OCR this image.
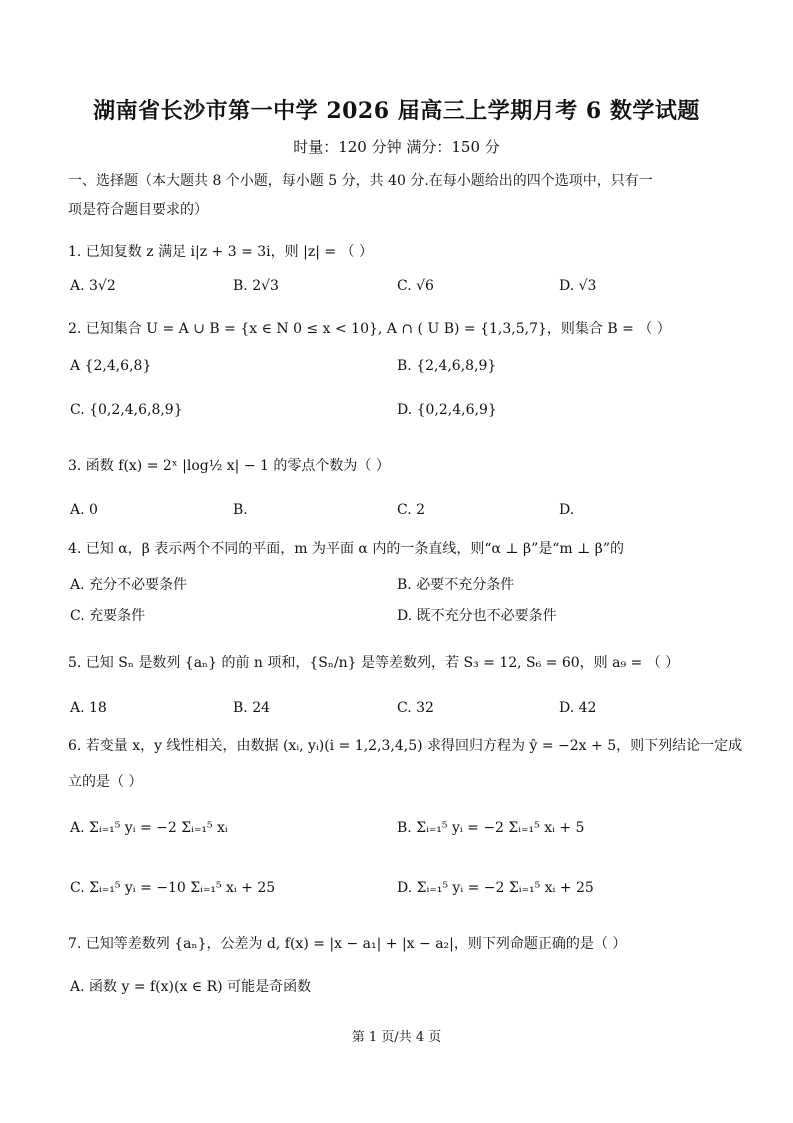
湖南省长沙市第一中学 2026 届高三上学期月考 6 数学试题
时量：120 分钟 满分：150 分
一、选择题（本大题共 8 个小题，每小题 5 分，共 40 分.在每小题给出的四个选项中，只有一
项是符合题目要求的）
1. 已知复数 z 满足 i|z + 3 = 3i，则 |z| = （ ）
A. 3√2	B. 2√3	C. √6	D. √3
2. 已知集合 U = A ∪ B = {x ∈ N 0 ≤ x < 10}, A ∩ ( U B) = {1,3,5,7}，则集合 B = （ ）
A {2,4,6,8}	B. {2,4,6,8,9}
C. {0,2,4,6,8,9}	D. {0,2,4,6,9}
3. 函数 f(x) = 2ˣ |log½ x| − 1 的零点个数为（ ）
A. 0	B.	C. 2	D.
4. 已知 α，β 表示两个不同的平面，m 为平面 α 内的一条直线，则“α ⊥ β”是“m ⊥ β”的
A. 充分不必要条件	B. 必要不充分条件
C. 充要条件	D. 既不充分也不必要条件
5. 已知 Sₙ 是数列 {aₙ} 的前 n 项和，{Sₙ/n} 是等差数列，若 S₃ = 12, S₆ = 60，则 a₉ = （ ）
A. 18	B. 24	C. 32	D. 42
6. 若变量 x，y 线性相关，由数据 (xᵢ, yᵢ)(i = 1,2,3,4,5) 求得回归方程为 ŷ = −2x + 5，则下列结论一定成
立的是（ ）
A. Σᵢ₌₁⁵ yᵢ = −2 Σᵢ₌₁⁵ xᵢ	B. Σᵢ₌₁⁵ yᵢ = −2 Σᵢ₌₁⁵ xᵢ + 5
C. Σᵢ₌₁⁵ yᵢ = −10 Σᵢ₌₁⁵ xᵢ + 25	D. Σᵢ₌₁⁵ yᵢ = −2 Σᵢ₌₁⁵ xᵢ + 25
7. 已知等差数列 {aₙ}，公差为 d, f(x) = |x − a₁| + |x − a₂|，则下列命题正确的是（ ）
A. 函数 y = f(x)(x ∈ R) 可能是奇函数
第 1 页/共 4 页
